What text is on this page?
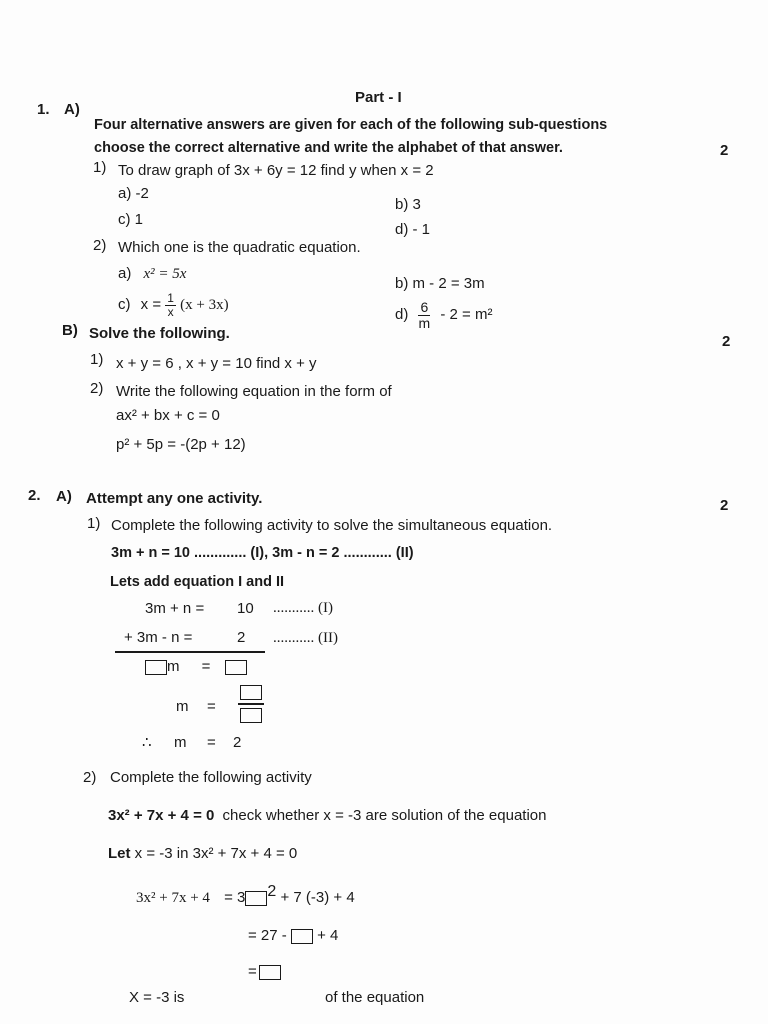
Part - I
1. A)
Four alternative answers are given for each of the following sub-questions
choose the correct alternative and write the alphabet of that answer.	2
1) To draw graph of 3x + 6y = 12 find y when x = 2
a) -2
b) 3
c) 1
d) - 1
2) Which one is the quadratic equation.
a) x² = 5x
b) m - 2 = 3m
c) $x = \frac{1}{x} (x + 3x)$
$d) \frac{6}{m} - 2 = m^2$
B) Solve the following.	2
1) x + y = 6 , x + y = 10 find x + y
2) Write the following equation in the form of
ax² + bx + c = 0
p² + 5p = -(2p + 12)
2. A) Attempt any one activity.	2
1) Complete the following activity to solve the simultaneous equation.
3m + n = 10 ............. (I), 3m - n = 2 ............ (II)
Lets add equation I and II
3m + n = 10 ........... (I)
+ 3m - n =	2 ........... (II)
m =
m =
∴ m = 2
2) Complete the following activity
3x² + 7x + 4 = 0 check whether x = -3 are solution of the equation
Let x = -3 in 3x² + 7x + 4 = 0
3x² + 7x + 4 = 3 $^2$ + 7 (-3) + 4
= 27 - + 4
=
X = -3 is	of the equation
